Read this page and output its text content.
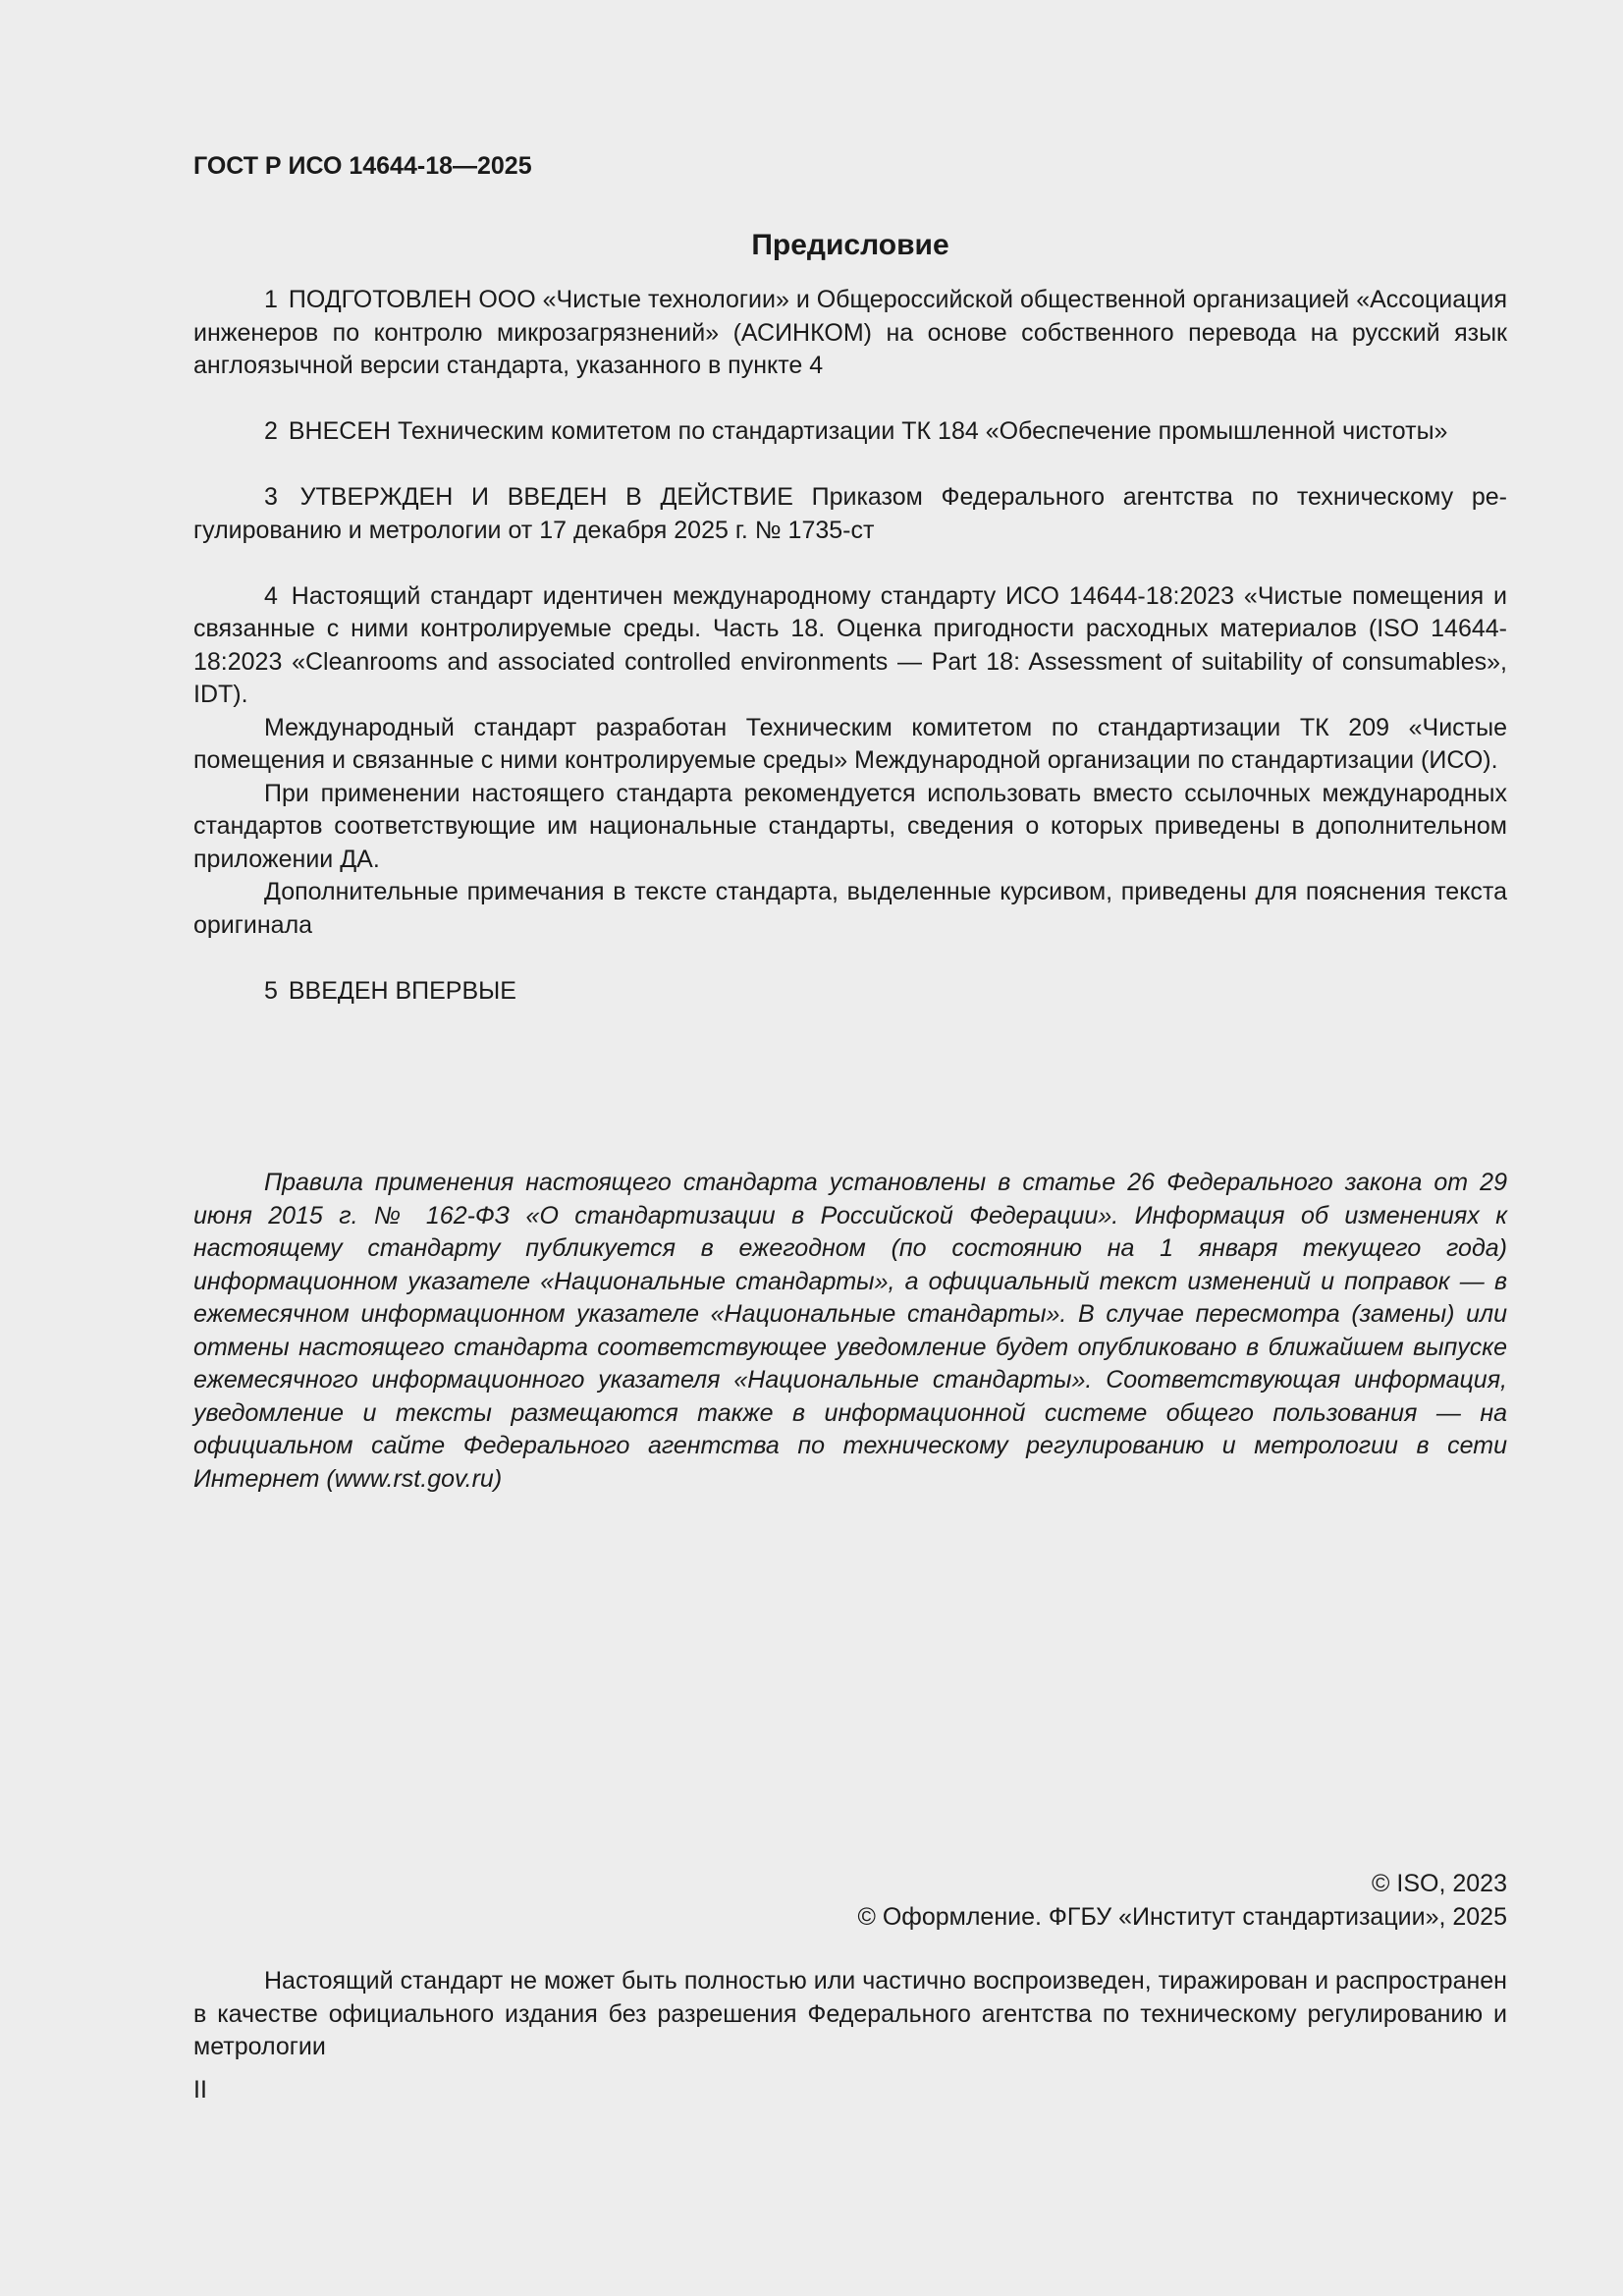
ГОСТ Р ИСО 14644-18—2025
Предисловие

1 ПОДГОТОВЛЕН ООО «Чистые технологии» и Общероссийской общественной организацией «Ассоциация инженеров по контролю микрозагрязнений» (АСИНКОМ) на основе собственного перевода на русский язык англоязычной версии стандарта, указанного в пункте 4

2 ВНЕСЕН Техническим комитетом по стандартизации ТК 184 «Обеспечение промышленной чистоты»

3 УТВЕРЖДЕН И ВВЕДЕН В ДЕЙСТВИЕ Приказом Федерального агентства по техническому регулированию и метрологии от 17 декабря 2025 г. № 1735-ст

4 Настоящий стандарт идентичен международному стандарту ИСО 14644-18:2023 «Чистые помещения и связанные с ними контролируемые среды. Часть 18. Оценка пригодности расходных материалов (ISO 14644-18:2023 «Cleanrooms and associated controlled environments — Part 18: Assessment of suitability of consumables», IDT).

Международный стандарт разработан Техническим комитетом по стандартизации ТК 209 «Чистые помещения и связанные с ними контролируемые среды» Международной организации по стандартизации (ИСО).

При применении настоящего стандарта рекомендуется использовать вместо ссылочных международных стандартов соответствующие им национальные стандарты, сведения о которых приведены в дополнительном приложении ДА.

Дополнительные примечания в тексте стандарта, выделенные курсивом, приведены для пояснения текста оригинала

5 ВВЕДЕН ВПЕРВЫЕ

Правила применения настоящего стандарта установлены в статье 26 Федерального закона от 29 июня 2015 г. № 162-ФЗ «О стандартизации в Российской Федерации». Информация об изменениях к настоящему стандарту публикуется в ежегодном (по состоянию на 1 января текущего года) информационном указателе «Национальные стандарты», а официальный текст изменений и поправок — в ежемесячном информационном указателе «Национальные стандарты». В случае пересмотра (замены) или отмены настоящего стандарта соответствующее уведомление будет опубликовано в ближайшем выпуске ежемесячного информационного указателя «Национальные стандарты». Соответствующая информация, уведомление и тексты размещаются также в информационной системе общего пользования — на официальном сайте Федерального агентства по техническому регулированию и метрологии в сети Интернет (www.rst.gov.ru)

© ISO, 2023
© Оформление. ФГБУ «Институт стандартизации», 2025

Настоящий стандарт не может быть полностью или частично воспроизведен, тиражирован и распространен в качестве официального издания без разрешения Федерального агентства по техническому регулированию и метрологии

II
